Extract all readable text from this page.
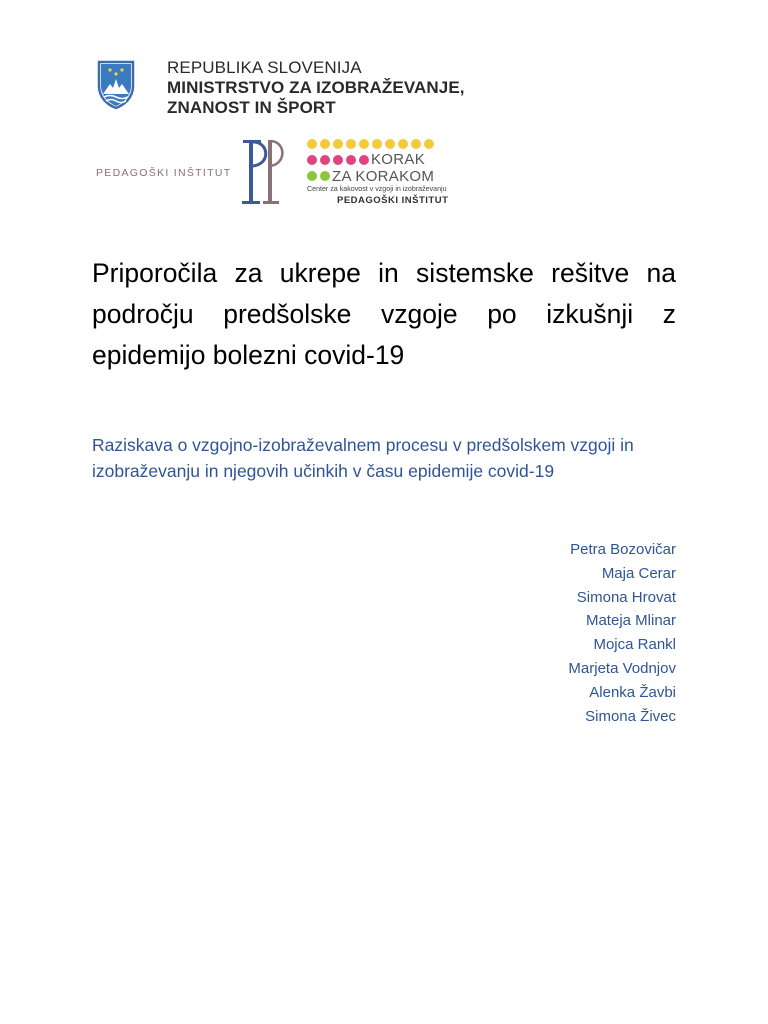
REPUBLIKA SLOVENIJA
MINISTRSTVO ZA IZOBRAŽEVANJE,
ZNANOST IN ŠPORT
PEDAGOŠKI INŠTITUT
KORAK
ZA KORAKOM
Center za kakovost v vzgoji in izobraževanju
PEDAGOŠKI INŠTITUT
Priporočila za ukrepe in sistemske rešitve na področju predšolske vzgoje po izkušnji z epidemijo bolezni covid-19
Raziskava o vzgojno-izobraževalnem procesu v predšolskem vzgoji in izobraževanju in njegovih učinkih v času epidemije covid-19
Petra Bozovičar
Maja Cerar
Simona Hrovat
Mateja Mlinar
Mojca Rankl
Marjeta Vodnjov
Alenka Žavbi
Simona Živec
